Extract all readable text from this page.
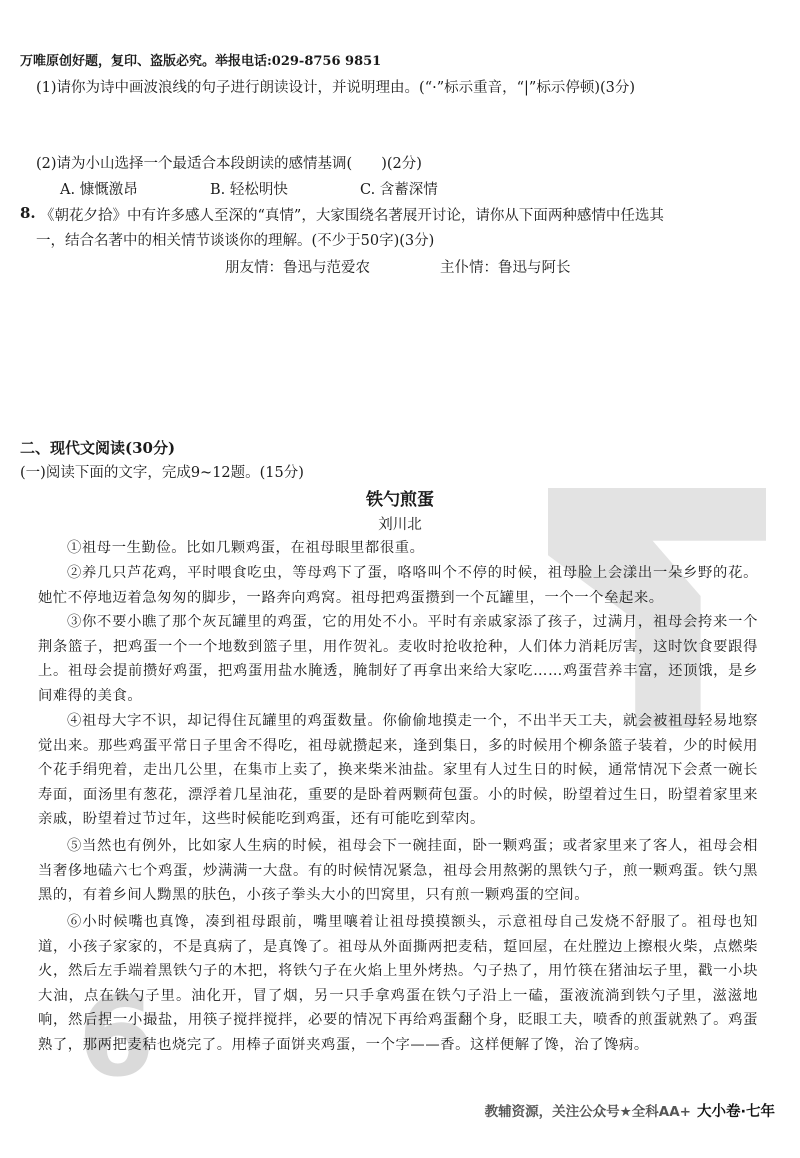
6
万唯原创好题，复印、盗版必究。举报电话:029-8756 9851
(1)请你为诗中画波浪线的句子进行朗读设计，并说明理由。(“·”标示重音，“|”标示停顿)(3分)
(2)请为小山选择一个最适合本段朗读的感情基调(　　)(2分)
A. 慷慨激昂	B. 轻松明快	C. 含蓄深情
8. 《朝花夕拾》中有许多感人至深的“真情”，大家围绕名著展开讨论，请你从下面两种感情中任选其
一，结合名著中的相关情节谈谈你的理解。(不少于50字)(3分)
朋友情：鲁迅与范爱农	主仆情：鲁迅与阿长
二、现代文阅读(30分)
(一)阅读下面的文字，完成9~12题。(15分)
铁勺煎蛋
刘川北
①祖母一生勤俭。比如几颗鸡蛋，在祖母眼里都很重。
②养几只芦花鸡，平时喂食吃虫，等母鸡下了蛋，咯咯叫个不停的时候，祖母脸上会漾出一朵乡野的花。她忙不停地迈着急匆匆的脚步，一路奔向鸡窝。祖母把鸡蛋攒到一个瓦罐里，一个一个垒起来。
③你不要小瞧了那个灰瓦罐里的鸡蛋，它的用处不小。平时有亲戚家添了孩子，过满月，祖母会挎来一个荆条篮子，把鸡蛋一个一个地数到篮子里，用作贺礼。麦收时抢收抢种，人们体力消耗厉害，这时饮食要跟得上。祖母会提前攒好鸡蛋，把鸡蛋用盐水腌透，腌制好了再拿出来给大家吃……鸡蛋营养丰富，还顶饿，是乡间难得的美食。
④祖母大字不识，却记得住瓦罐里的鸡蛋数量。你偷偷地摸走一个，不出半天工夫，就会被祖母轻易地察觉出来。那些鸡蛋平常日子里舍不得吃，祖母就攒起来，逢到集日，多的时候用个柳条篮子装着，少的时候用个花手绢兜着，走出几公里，在集市上卖了，换来柴米油盐。家里有人过生日的时候，通常情况下会煮一碗长寿面，面汤里有葱花，漂浮着几星油花，重要的是卧着两颗荷包蛋。小的时候，盼望着过生日，盼望着家里来亲戚，盼望着过节过年，这些时候能吃到鸡蛋，还有可能吃到荤肉。
⑤当然也有例外，比如家人生病的时候，祖母会下一碗挂面，卧一颗鸡蛋；或者家里来了客人，祖母会相当奢侈地磕六七个鸡蛋，炒满满一大盘。有的时候情况紧急，祖母会用熬粥的黑铁勺子，煎一颗鸡蛋。铁勺黑黑的，有着乡间人黝黑的肤色，小孩子拳头大小的凹窝里，只有煎一颗鸡蛋的空间。
⑥小时候嘴也真馋，凑到祖母跟前，嘴里嚷着让祖母摸摸额头，示意祖母自己发烧不舒服了。祖母也知道，小孩子家家的，不是真病了，是真馋了。祖母从外面撕两把麦秸，踅回屋，在灶膛边上擦根火柴，点燃柴火，然后左手端着黑铁勺子的木把，将铁勺子在火焰上里外烤热。勺子热了，用竹筷在猪油坛子里，戳一小块大油，点在铁勺子里。油化开，冒了烟，另一只手拿鸡蛋在铁勺子沿上一磕，蛋液流淌到铁勺子里，滋滋地响，然后捏一小撮盐，用筷子搅拌搅拌，必要的情况下再给鸡蛋翻个身，眨眼工夫，喷香的煎蛋就熟了。鸡蛋熟了，那两把麦秸也烧完了。用棒子面饼夹鸡蛋，一个字——香。这样便解了馋，治了馋病。
教辅资源，关注公众号★全科AA+ 大小卷·七年
